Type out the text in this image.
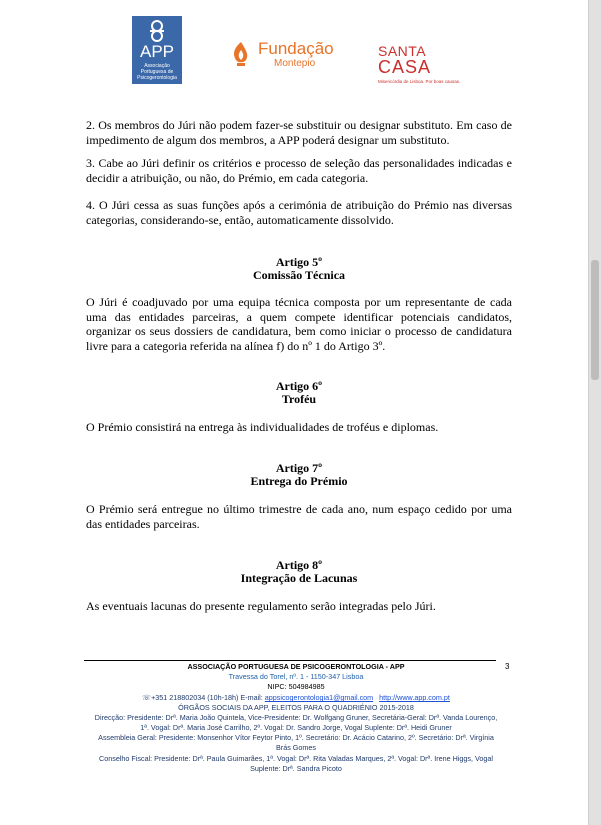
APP
Associação Portuguesa de Psicogerontologia
Fundação
Montepio
SANTA
CASA
Misericórdia de Lisboa. Por boas causas.

2. Os membros do Júri não podem fazer-se substituir ou designar substituto. Em caso de impedimento de algum dos membros, a APP poderá designar um substituto.

3. Cabe ao Júri definir os critérios e processo de seleção das personalidades indicadas e decidir a atribuição, ou não, do Prémio, em cada categoria.

4. O Júri cessa as suas funções após a cerimónia de atribuição do Prémio nas diversas categorias, considerando-se, então, automaticamente dissolvido.

Artigo 5º
Comissão Técnica

O Júri é coadjuvado por uma equipa técnica composta por um representante de cada uma das entidades parceiras, a quem compete identificar potenciais candidatos, organizar os seus dossiers de candidatura, bem como iniciar o processo de candidatura livre para a categoria referida na alínea f) do nº 1 do Artigo 3º.

Artigo 6º
Troféu

O Prémio consistirá na entrega às individualidades de troféus e diplomas.

Artigo 7º
Entrega do Prémio

O Prémio será entregue no último trimestre de cada ano, num espaço cedido por uma das entidades parceiras.

Artigo 8º
Integração de Lacunas

As eventuais lacunas do presente regulamento serão integradas pelo Júri.

3

ASSOCIAÇÃO PORTUGUESA DE PSICOGERONTOLOGIA - APP

Travessa do Torel, nº. 1 - 1150-347 Lisboa

NIPC: 504984985

☏+351 218802034 (10h-18h) E-mail: appsicogerontologia1@gmail.com http://www.app.com.pt

ÓRGÃOS SOCIAIS DA APP, ELEITOS PARA O QUADRIÉNIO 2015-2018

Direcção: Presidente: Drª. Maria João Quintela, Vice-Presidente: Dr. Wolfgang Gruner, Secretária-Geral: Drª. Vanda Lourenço,

1ª. Vogal: Drª. Maria José Carrilho, 2º. Vogal: Dr. Sandro Jorge, Vogal Suplente: Drª. Heidi Gruner

Assembleia Geral: Presidente: Monsenhor Vítor Feytor Pinto, 1º. Secretário: Dr. Acácio Catarino, 2º. Secretário: Drª. Virgínia

Brás Gomes

Conselho Fiscal: Presidente: Drª. Paula Guimarães, 1ª. Vogal: Drª. Rita Valadas Marques, 2ª. Vogal: Drª. Irene Higgs, Vogal

Suplente: Drª. Sandra Picoto
